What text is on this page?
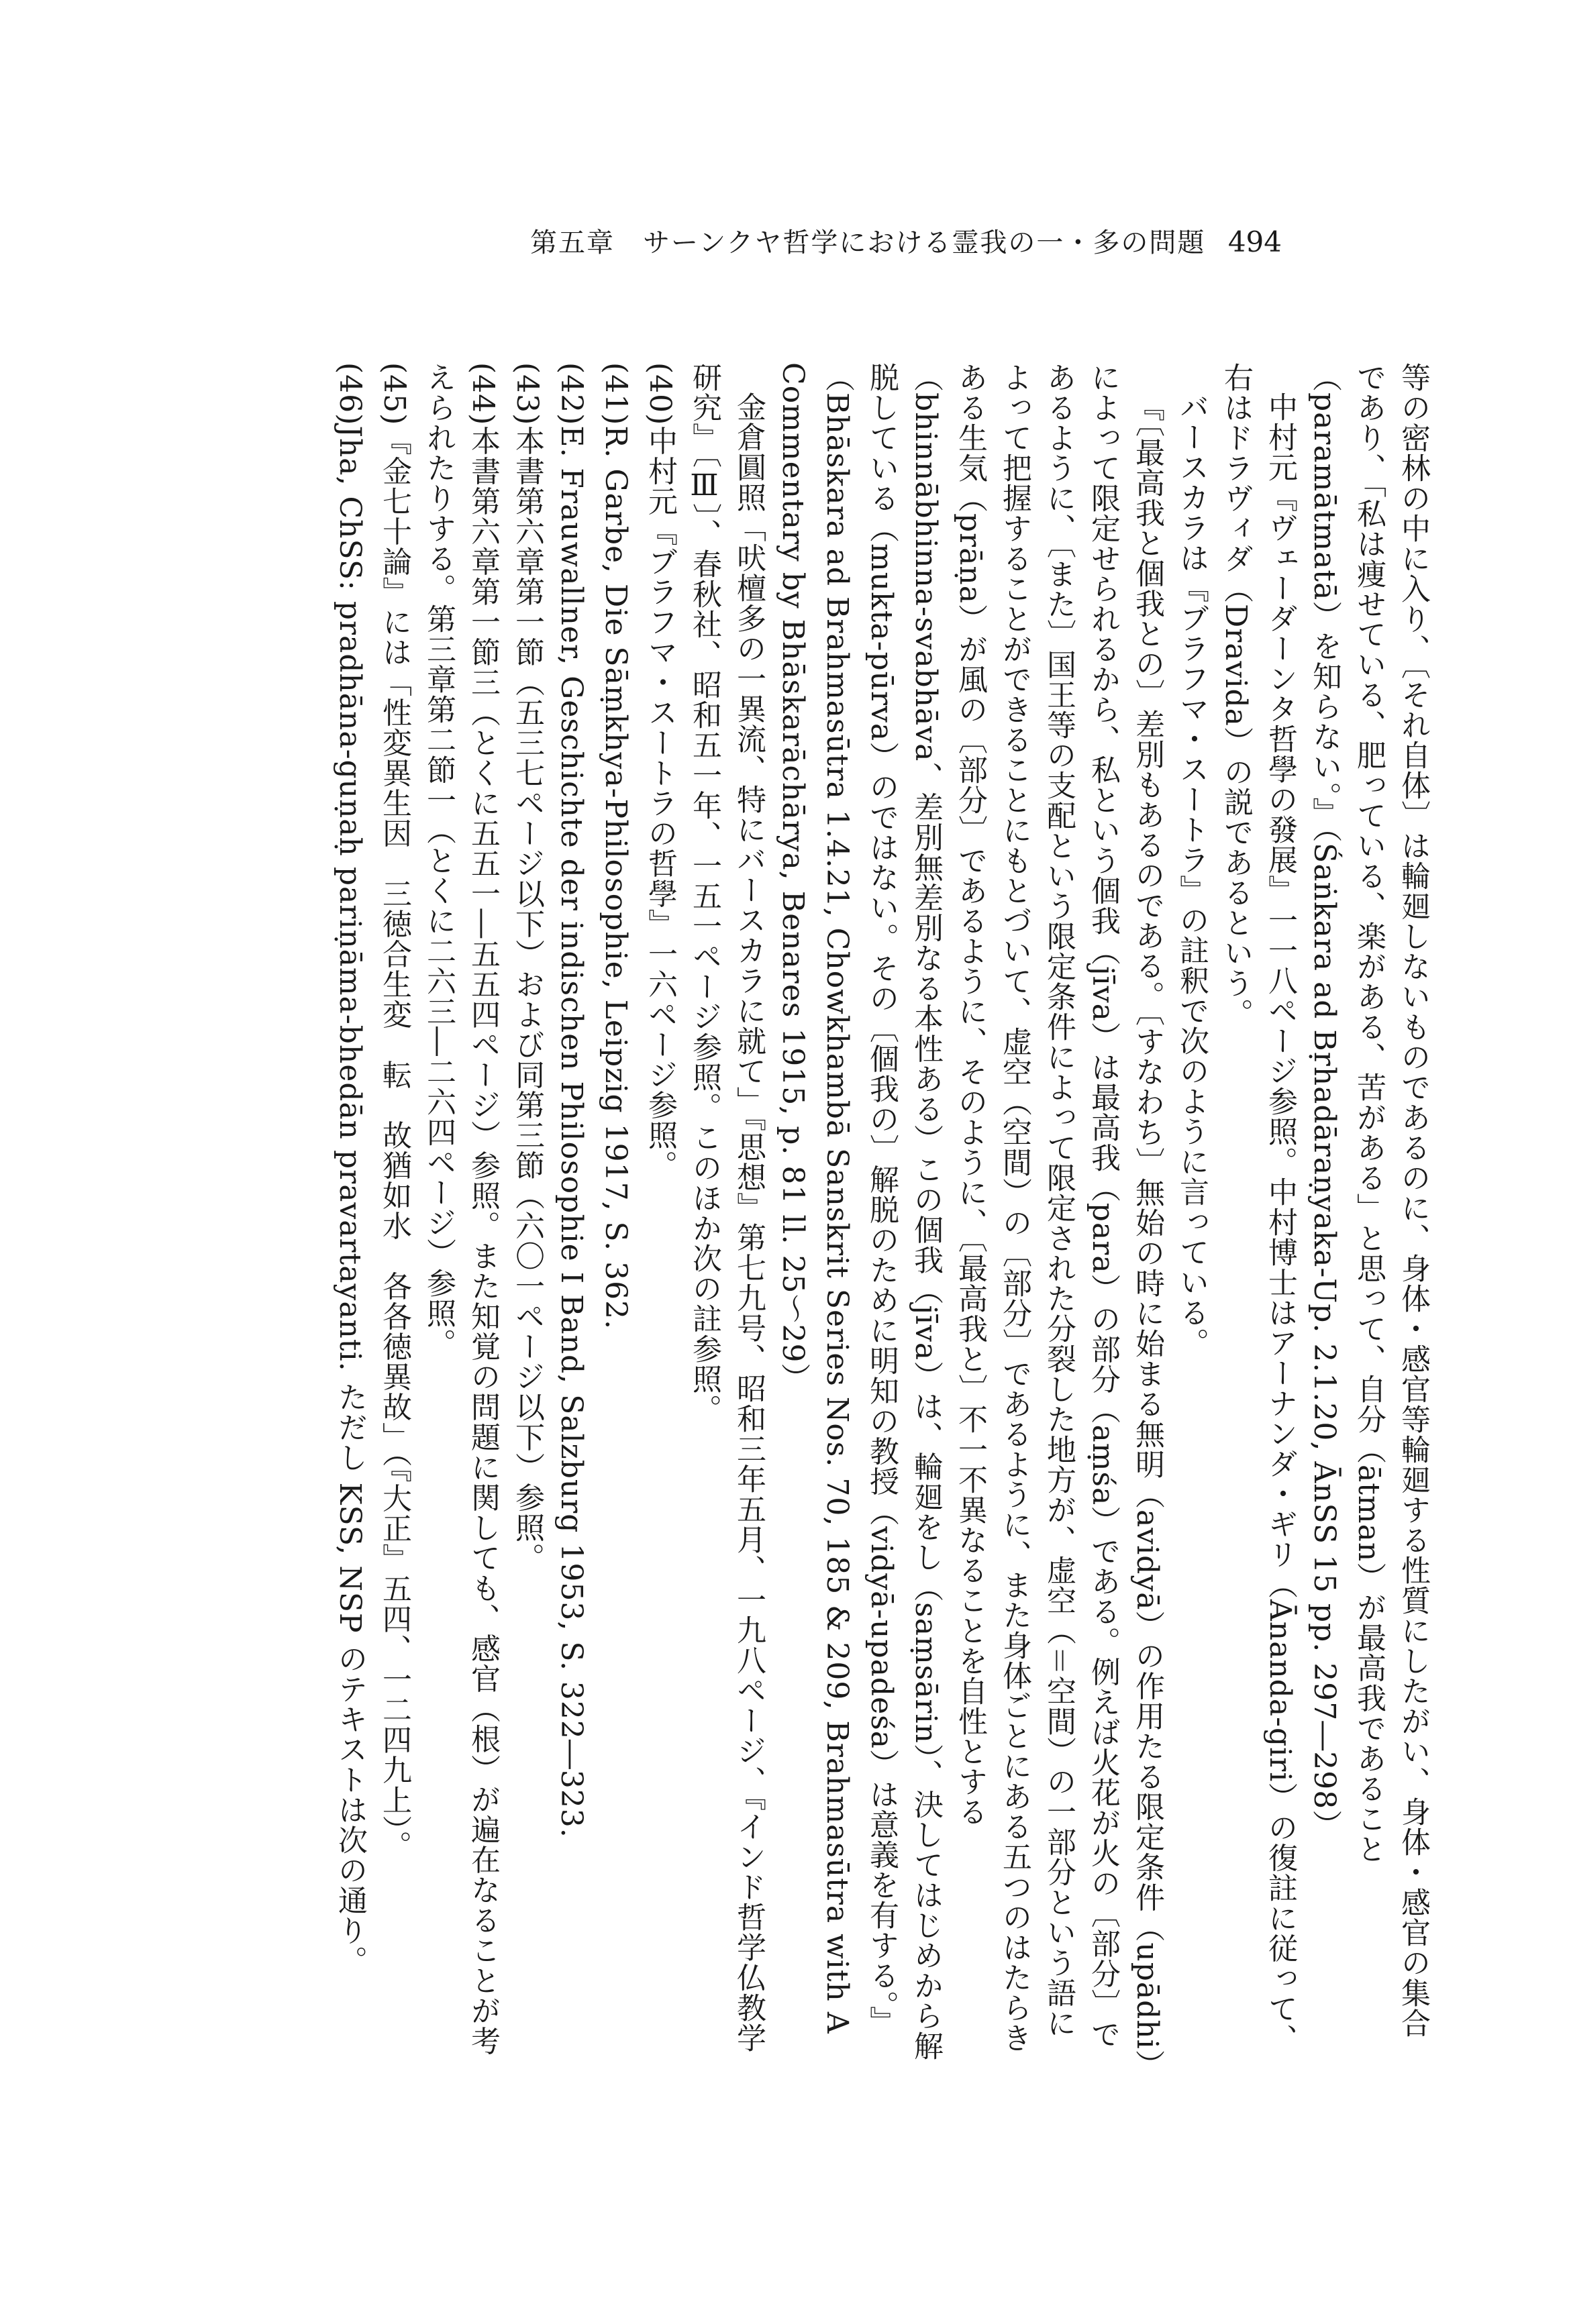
第五章　サーンクヤ哲学における霊我の一・多の問題 494

等の密林の中に入り、〔それ自体〕は輪廻しないものであるのに、身体・感官等輪廻する性質にしたがい、身体・感官の集合であり、「私は痩せている、肥っている、楽がある、苦がある」と思って、自分（ātman）が最高我であること（paramātmatā）を知らない。』（Śaṅkara ad Bṛhadāraṇyaka-Up. 2.1.20, ĀnSS 15 pp. 297―298）

中村元『ヴェーダーンタ哲學の發展』一一八ページ参照。中村博士はアーナンダ・ギリ（Ānanda-giri）の復註に従って、右はドラヴィダ（Dravida）の説であるという。

バースカラは『ブラフマ・スートラ』の註釈で次のように言っている。

『〔最高我と個我との〕差別もあるのである。〔すなわち〕無始の時に始まる無明（avidyā）の作用たる限定条件（upādhi）によって限定せられるから、私という個我（jīva）は最高我（para）の部分（aṃśa）である。例えば火花が火の〔部分〕であるように、〔また〕国王等の支配という限定条件によって限定された分裂した地方が、虚空（＝空間）の一部分という語によって把握することができることにもとづいて、虚空（空間）の〔部分〕であるように、また身体ごとにある五つのはたらきある生気（prāṇa）が風の〔部分〕であるように、そのように、〔最高我と〕不一不異なることを自性とする（bhinnābhinna-svabhāva、差別無差別なる本性ある）この個我（jīva）は、輪廻をし（saṃsārin）、決してはじめから解脱している（mukta-pūrva）のではない。その〔個我の〕解脱のために明知の教授（vidyā-upadeśa）は意義を有する。』（Bhāskara ad Brahmasūtra 1.4.21, Chowkhambā Sanskrit Series Nos. 70, 185 & 209, Brahmasūtra with A Commentary by Bhāskarāchārya, Benares 1915, p. 81 ll. 25～29）

金倉圓照「吠檀多の一異流、特にバースカラに就て」『思想』第七九号、昭和三年五月、一九八ページ、『インド哲学仏教学研究』〔Ⅲ〕、春秋社、昭和五一年、一五一ページ参照。このほか次の註参照。

(40)中村元『ブラフマ・スートラの哲學』一六ページ参照。

(41)R. Garbe, Die Sāṃkhya-Philosophie, Leipzig 1917, S. 362.

(42)E. Frauwallner, Geschichte der indischen Philosophie I Band, Salzburg 1953, S. 322―323.

(43)本書第六章第一節（五三七ページ以下）および同第三節（六〇一ページ以下）参照。

(44)本書第六章第一節三（とくに五五一―五五四ページ）参照。また知覚の問題に関しても、感官（根）が遍在なることが考えられたりする。第三章第二節一（とくに二六三―二六四ページ）参照。

(45)『金七十論』には「性変異生因　三徳合生変　転　故猶如水　各各徳異故」（『大正』五四、一二四九上）。

(46)Jha, ChSS: pradhāna-guṇaḥ pariṇāma-bhedān pravartayanti. ただし KSS, NSP のテキストは次の通り。
